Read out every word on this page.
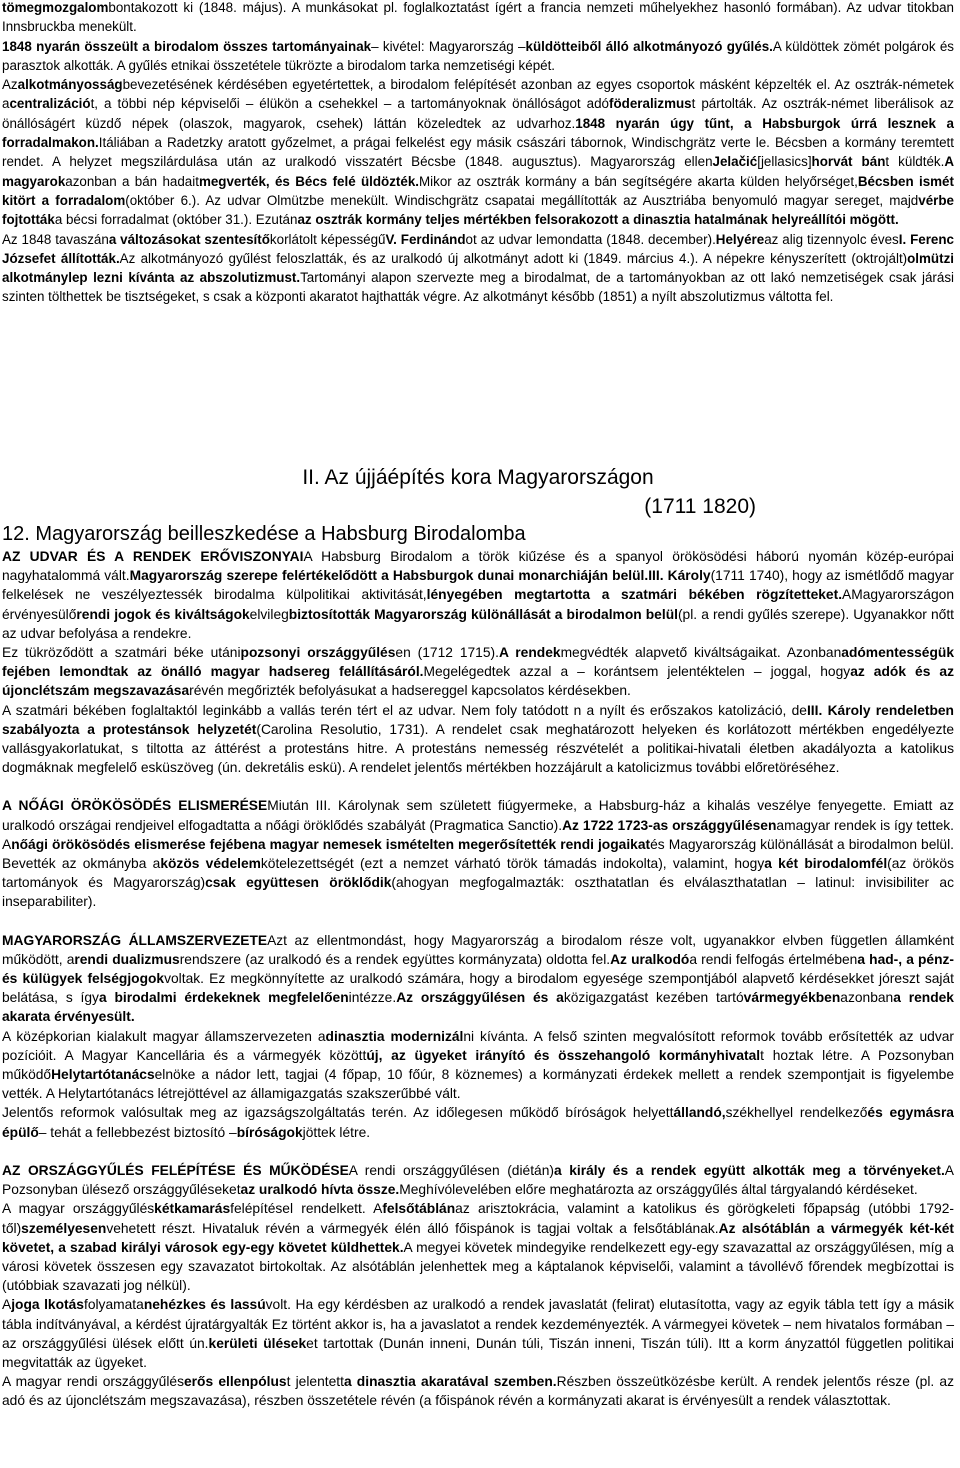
tömegmozgalombontakozott ki (1848. május). A munkásokat pl. foglalkoztatást ígért a francia nemzeti műhelyekhez hasonló formában). Az udvar titokban Innsbruckba menekült.

1848 nyarán összeült a birodalom összes tartományainak– kivétel: Magyarország –küldötteiből álló alkotmányozó gyűlés.A küldöttek zömét polgárok és parasztok alkották. A gyűlés etnikai összetétele tükrözte a birodalom tarka nemzetiségi képét.

Azalkotmányosságbevezetésének kérdésében egyetértettek, a birodalom felépítését azonban az egyes csoportok másként képzelték el. Az osztrák-németek acentralizációt, a többi nép képviselői – élükön a csehekkel – a tartományoknak önállóságot adóföderalizmust pártolták. Az osztrák-német liberálisok az önállóságért küzdő népek (olaszok, magyarok, csehek) láttán közeledtek az udvarhoz.1848 nyarán úgy tűnt, a Habsburgok úrrá lesznek a forradalmakon.Itáliában a Radetzky aratott győzelmet, a prágai felkelést egy másik császári tábornok, Windischgrätz verte le. Bécsben a kormány teremtett rendet. A helyzet megszilárdulása után az uralkodó visszatért Bécsbe (1848. augusztus). Magyarország ellenJelačić[jellasics]horvát bánt küldték.A magyarokazonban a bán hadaitmegverték, és Bécs felé üldözték.Mikor az osztrák kormány a bán segítségére akarta külden helyőrséget,Bécsben ismét kitört a forradalom(október 6.). Az udvar Olmützbe menekült. Windischgrätz csapatai megállították az Ausztriába benyomuló magyar sereget, majdvérbe fojtottáka bécsi forradalmat (október 31.). Ezutánaz osztrák kormány teljes mértékben felsorakozott a dinasztia hatalmának helyreállítói mögött.

Az 1848 tavaszána változásokat szentesítőkorlátolt képességűV. Ferdinándot az udvar lemondatta (1848. december).Helyéreaz alig tizennyolc évesI. Ferenc Józsefet állították.Az alkotmányozó gyűlést feloszlatták, és az uralkodó új alkotmányt adott ki (1849. március 4.). A népekre kényszerített (oktrojált)olmützi alkotmánylep lezni kívánta az abszolutizmust.Tartományi alapon szervezte meg a birodalmat, de a tartományokban az ott lakó nemzetiségek csak járási szinten tölthettek be tisztségeket, s csak a központi akaratot hajthatták végre. Az alkotmányt később (1851) a nyílt abszolutizmus váltotta fel.

II. Az újjáépítés kora Magyarországon

(1711 1820)

12. Magyarország beilleszkedése a Habsburg Birodalomba

AZ UDVAR ÉS A RENDEK ERŐVISZONYAIA Habsburg Birodalom a török kiűzése és a spanyol örökösödési háború nyomán közép-európai nagyhatalommá vált.Magyarország szerepe felértékelődött a Habsburgok dunai monarchiáján belül.III. Károly(1711 1740), hogy az ismétlődő magyar felkelések ne veszélyeztessék birodalma külpolitikai aktivitását,lényegében megtartotta a szatmári békében rögzítetteket.AMagyarországon érvényesülőrendi jogok és kiváltságokelvilegbiztosították Magyarország különállását a birodalmon belül(pl. a rendi gyűlés szerepe). Ugyanakkor nőtt az udvar befolyása a rendekre.

Ez tükröződött a szatmári béke utánipozsonyi országgyűlésen (1712 1715).A rendekmegvédték alapvető kiváltságaikat. Azonbanadómentességük fejében lemondtak az önálló magyar hadsereg felállításáról.Megelégedtek azzal a – korántsem jelentéktelen – joggal, hogyaz adók és az újonclétszám megszavazásarévén megőrizték befolyásukat a hadsereggel kapcsolatos kérdésekben.

A szatmári békében foglaltaktól leginkább a vallás terén tért el az udvar. Nem foly tatódott n a nyílt és erőszakos katolizáció, deIII. Károly rendeletben szabályozta a protestánsok helyzetét(Carolina Resolutio, 1731). A rendelet csak meghatározott helyeken és korlátozott mértékben engedélyezte vallásgyakorlatukat, s tiltotta az áttérést a protestáns hitre. A protestáns nemesség részvételét a politikai-hivatali életben akadályozta a katolikus dogmáknak megfelelő esküszöveg (ún. dekretális eskü). A rendelet jelentős mértékben hozzájárult a katolicizmus további előretöréséhez.

A NŐÁGI ÖRÖKÖSÖDÉS ELISMERÉSEMiután III. Károlynak sem született fiúgyermeke, a Habsburg-ház a kihalás veszélye fenyegette. Emiatt az uralkodó országai rendjeivel elfogadtatta a nőági öröklődés szabályát (Pragmatica Sanctio).Az 1722 1723-as országgyűlésenamagyar rendek is így tettek. Anőági örökösödés elismerése fejébena magyar nemesek ismételten megerősítették rendi jogaikatés Magyarország különállását a birodalmon belül. Bevették az okmányba aközös védelemkötelezettségét (ezt a nemzet várható török támadás indokolta), valamint, hogya két birodalomfél(az örökös tartományok és Magyarország)csak együttesen öröklődik(ahogyan megfogalmazták: oszthatatlan és elválaszthatatlan – latinul: invisibiliter ac inseparabiliter).

MAGYARORSZÁG ÁLLAMSZERVEZETEAzt az ellentmondást, hogy Magyarország a birodalom része volt, ugyanakkor elvben független államként működött, arendi dualizmusrendszere (az uralkodó és a rendek együttes kormányzata) oldotta fel.Az uralkodóa rendi felfogás értelmébena had-, a pénz- és külügyek felségjogokvoltak. Ez megkönnyítette az uralkodó számára, hogy a birodalom egyesége szempontjából alapvető kérdésekket jóreszt saját belátása, s ígya birodalmi érdekeknek megfelelőenintézze.Az országgyűlésen és aközigazgatást kezében tartóvármegyékbenazonbana rendek akarata érvényesült.

A középkorian kialakult magyar államszervezeten adinasztia modernizálni kívánta. A felső szinten megvalósított reformok tovább erősítették az udvar pozícióit. A Magyar Kancellária és a vármegyék közöttúj, az ügyeket irányító és összehangoló kormányhivatalt hoztak létre. A Pozsonyban működőHelytartótanácselnöke a nádor lett, tagjai (4 főpap, 10 főúr, 8 köznemes) a kormányzati érdekek mellett a rendek szempontjait is figyelembe vették. A Helytartótanács létrejöttével az államigazgatás szakszerűbbé vált.

Jelentős reformok valósultak meg az igazságszolgáltatás terén. Az időlegesen működő bíróságok helyettállandó,székhellyel rendelkezőés egymásra épülő– tehát a fellebbezést biztosító –bíróságokjöttek létre.

AZ ORSZÁGGYŰLÉS FELÉPÍTÉSE ÉS MŰKÖDÉSEA rendi országgyűlésen (diétán)a király és a rendek együtt alkották meg a törvényeket.A Pozsonyban ülésező országgyűléseketaz uralkodó hívta össze.Meghívólevelében előre meghatározta az országgyűlés által tárgyalandó kérdéseket.

A magyar országgyűléskétkamarásfelépítésel rendelkett. Afelsőtáblánaz arisztokrácia, valamint a katolikus és görögkeleti főpapság (utóbbi 1792-től)személyesenvehetett részt. Hivataluk révén a vármegyék élén álló főispánok is tagjai voltak a felsőtáblának.Az alsótáblán a vármegyék két-két követet, a szabad királyi városok egy-egy követet küldhettek.A megyei követek mindegyike rendelkezett egy-egy szavazattal az országgyűlésen, míg a városi követek összesen egy szavazatot birtokoltak. Az alsótáblán jelenhettek meg a káptalanok képviselői, valamint a távollévő főrendek megbízottai is (utóbbiak szavazati jog nélkül).

Ajoga lkotásfolyamatanehézkes és lassúvolt. Ha egy kérdésben az uralkodó a rendek javaslatát (felirat) elutasította, vagy az egyik tábla tett így a másik tábla indítványával, a kérdést újratárgyalták Ez történt akkor is, ha a javaslatot a rendek kezdeményezték. A vármegyei követek – nem hivatalos formában – az országgyűlési ülések előtt ún.kerületi üléseket tartottak (Dunán inneni, Dunán túli, Tiszán inneni, Tiszán túli). Itt a korm ányzattól független politikai megvitatták az ügyeket.

A magyar rendi országgyűléserős ellenpólust jelentetta dinasztia akaratával szemben.Részben összeütközésbe került. A rendek jelentős része (pl. az adó és az újonclétszám megszavazása), részben összetétele révén (a főispánok révén a kormányzati akarat is érvényesült a rendek választottak.
